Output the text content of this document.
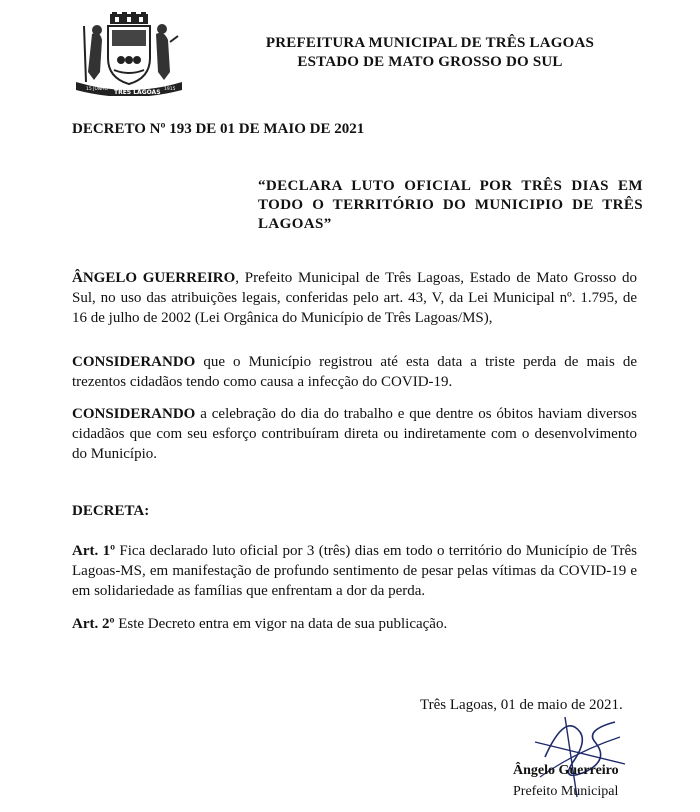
15 JUNHO TRÊS LAGOAS 1915
PREFEITURA MUNICIPAL DE TRÊS LAGOAS
ESTADO DE MATO GROSSO DO SUL
DECRETO Nº 193 DE 01 DE MAIO DE 2021
“DECLARA LUTO OFICIAL POR TRÊS DIAS EM TODO O TERRITÓRIO DO MUNICIPIO DE TRÊS LAGOAS”
ÂNGELO GUERREIRO, Prefeito Municipal de Três Lagoas, Estado de Mato Grosso do Sul, no uso das atribuições legais, conferidas pelo art. 43, V, da Lei Municipal nº. 1.795, de 16 de julho de 2002 (Lei Orgânica do Município de Três Lagoas/MS),
CONSIDERANDO que o Município registrou até esta data a triste perda de mais de trezentos cidadãos tendo como causa a infecção do COVID-19.
CONSIDERANDO a celebração do dia do trabalho e que dentre os óbitos haviam diversos cidadãos que com seu esforço contribuíram direta ou indiretamente com o desenvolvimento do Município.
DECRETA:
Art. 1º Fica declarado luto oficial por 3 (três) dias em todo o território do Município de Três Lagoas-MS, em manifestação de profundo sentimento de pesar pelas vítimas da COVID-19 e em solidariedade as famílias que enfrentam a dor da perda.
Art. 2º Este Decreto entra em vigor na data de sua publicação.
Três Lagoas, 01 de maio de 2021.
Ângelo Guerreiro
Prefeito Municipal
